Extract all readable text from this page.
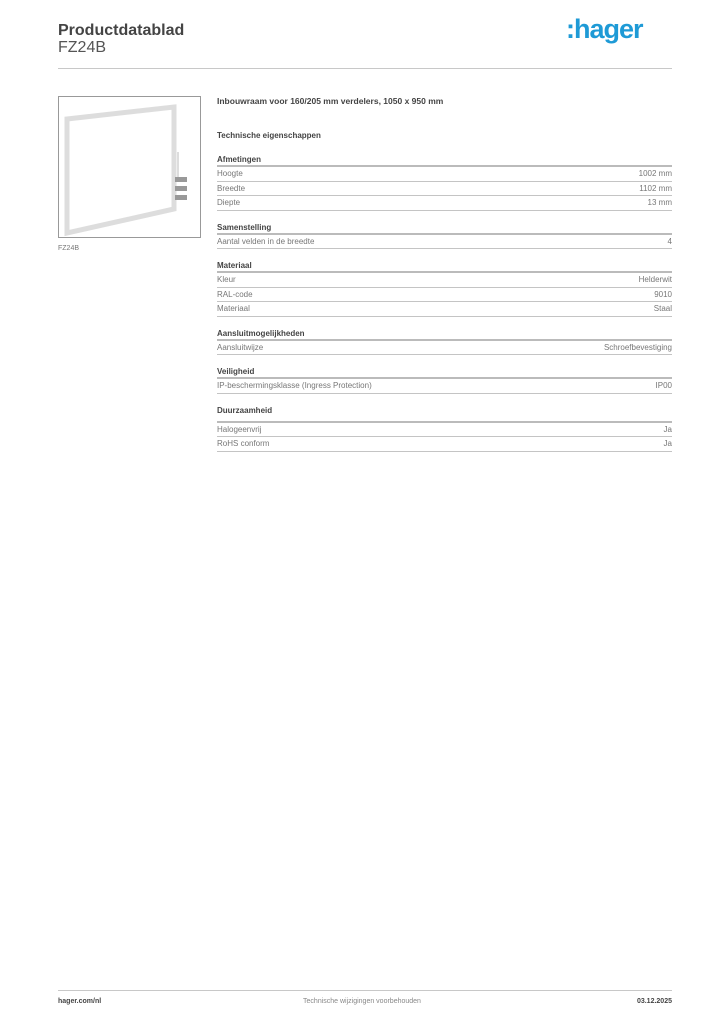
Productdatablad
FZ24B
:hager
FZ24B
Inbouwraam voor 160/205 mm verdelers, 1050 x 950 mm
Technische eigenschappen
Afmetingen
Hoogte	1002 mm
Breedte	1102 mm
Diepte	13 mm
Samenstelling
Aantal velden in de breedte	4
Materiaal
Kleur	Helderwit
RAL-code	9010
Materiaal	Staal
Aansluitmogelijkheden
Aansluitwijze	Schroefbevestiging
Veiligheid
IP-beschermingsklasse (Ingress Protection)	IP00
Duurzaamheid
Halogeenvrij	Ja
RoHS conform	Ja
hager.com/nl	Technische wijzigingen voorbehouden	03.12.2025
